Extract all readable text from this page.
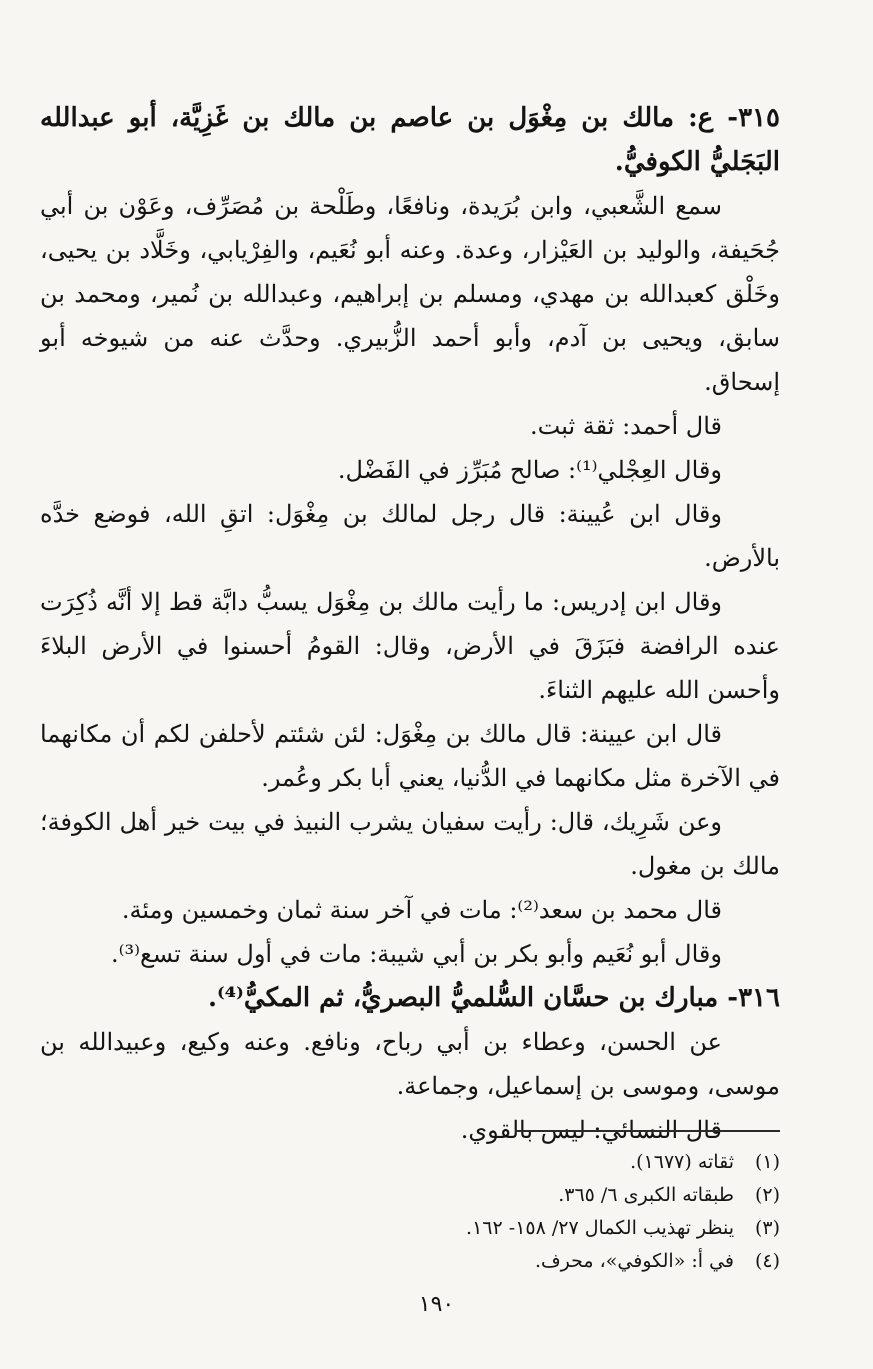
٣١٥- ع: مالك بن مِغْوَل بن عاصم بن مالك بن غَزِيَّة، أبو عبدالله البَجَليُّ الكوفيُّ.

سمع الشَّعبي، وابن بُرَيدة، ونافعًا، وطَلْحة بن مُصَرِّف، وعَوْن بن أبي جُحَيفة، والوليد بن العَيْزار، وعدة. وعنه أبو نُعَيم، والفِرْيابي، وخَلَّاد بن يحيى، وخَلْق كعبدالله بن مهدي، ومسلم بن إبراهيم، وعبدالله بن نُمير، ومحمد بن سابق، ويحيى بن آدم، وأبو أحمد الزُّبيري. وحدَّث عنه من شيوخه أبو إسحاق.

قال أحمد: ثقة ثبت.

وقال العِجْلي⁽¹⁾: صالح مُبَرِّز في الفَضْل.

وقال ابن عُيينة: قال رجل لمالك بن مِغْوَل: اتقِ الله، فوضع خدَّه بالأرض.

وقال ابن إدريس: ما رأيت مالك بن مِغْوَل يسبُّ دابَّة قط إلا أنَّه ذُكِرَت عنده الرافضة فبَزَقَ في الأرض، وقال: القومُ أحسنوا في الأرض البلاءَ وأحسن الله عليهم الثناءَ.

قال ابن عيينة: قال مالك بن مِغْوَل: لئن شئتم لأحلفن لكم أن مكانهما في الآخرة مثل مكانهما في الدُّنيا، يعني أبا بكر وعُمر.

وعن شَرِيك، قال: رأيت سفيان يشرب النبيذ في بيت خير أهل الكوفة؛ مالك بن مغول.

قال محمد بن سعد⁽²⁾: مات في آخر سنة ثمان وخمسين ومئة.

وقال أبو نُعَيم وأبو بكر بن أبي شيبة: مات في أول سنة تسع⁽³⁾.

٣١٦- مبارك بن حسَّان السُّلميُّ البصريُّ، ثم المكيُّ⁽⁴⁾.

عن الحسن، وعطاء بن أبي رباح، ونافع. وعنه وكيع، وعبيدالله بن موسى، وموسى بن إسماعيل، وجماعة.

قال النسائي: ليس بالقوي.

(١)ثقاته (١٦٧٧).

(٢)طبقاته الكبرى ٦/ ٣٦٥.

(٣)ينظر تهذيب الكمال ٢٧/ ١٥٨- ١٦٢.

(٤)في أ: «الكوفي»، محرف.

١٩٠
